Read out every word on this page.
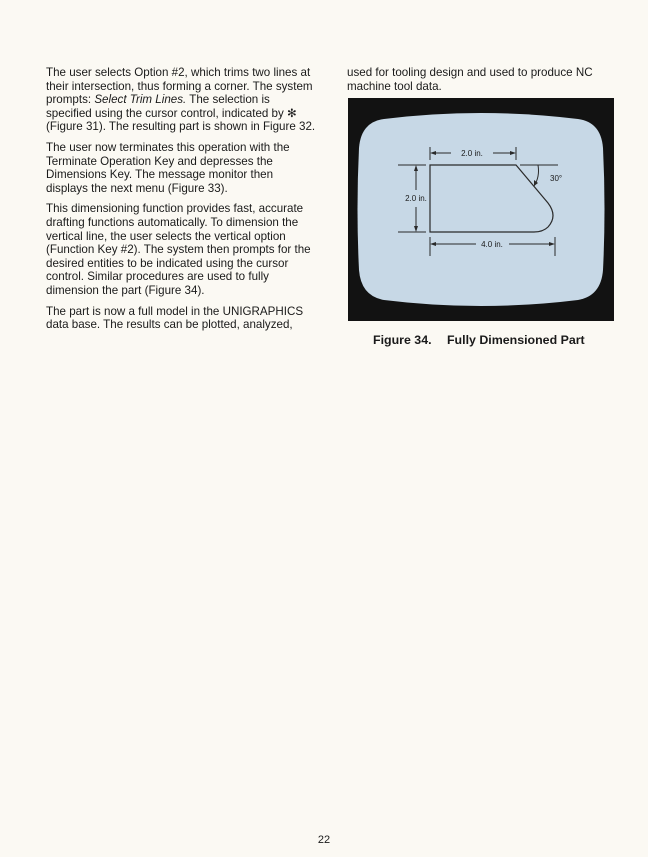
The user selects Option #2, which trims two lines at their intersection, thus forming a corner. The system prompts: Select Trim Lines. The selection is specified using the cursor control, indicated by ✻ (Figure 31). The resulting part is shown in Figure 32.

The user now terminates this operation with the Terminate Operation Key and depresses the Dimensions Key. The message monitor then displays the next menu (Figure 33).

This dimensioning function provides fast, accurate drafting functions automatically. To dimension the vertical line, the user selects the vertical option (Function Key #2). The system then prompts for the desired entities to be indicated using the cursor control. Similar procedures are used to fully dimension the part (Figure 34).

The part is now a full model in the UNIGRAPHICS data base. The results can be plotted, analyzed,

used for tooling design and used to produce NC machine tool data.

2.0 in.
2.0 in.
4.0 in.
30°
Figure 34. Fully Dimensioned Part
22
